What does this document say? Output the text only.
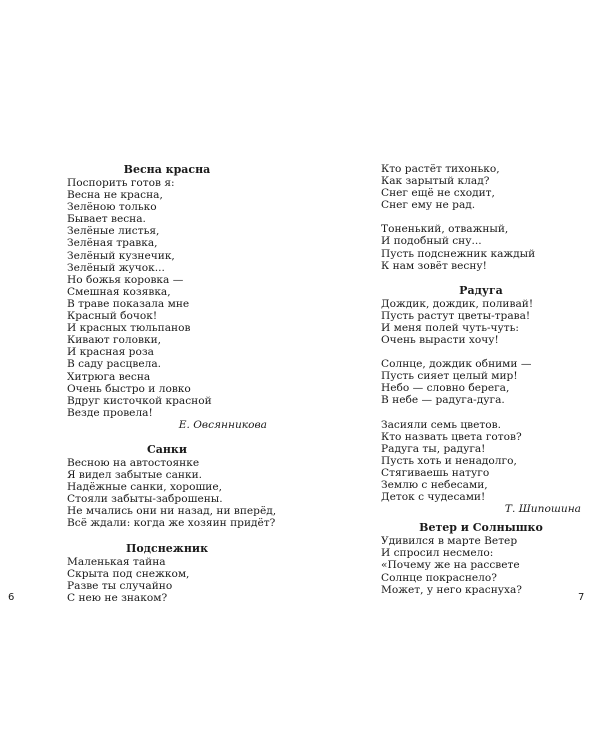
Весна красна
Поспорить готов я:
Весна не красна,
Зелёною только
Бывает весна.
Зелёные листья,
Зелёная травка,
Зелёный кузнечик,
Зелёный жучок...
Но божья коровка —
Смешная козявка,
В траве показала мне
Красный бочок!
И красных тюльпанов
Кивают головки,
И красная роза
В саду расцвела.
Хитрюга весна
Очень быстро и ловко
Вдруг кисточкой красной
Везде провела!
Е. Овсянникова
Санки
Весною на автостоянке
Я видел забытые санки.
Надёжные санки, хорошие,
Стояли забыты-заброшены.
Не мчались они ни назад, ни вперёд,
Всё ждали: когда же хозяин придёт?
Подснежник
Маленькая тайна
Скрыта под снежком,
Разве ты случайно
С нею не знаком?
Кто растёт тихонько,
Как зарытый клад?
Снег ещё не сходит,
Снег ему не рад.
Тоненький, отважный,
И подобный сну...
Пусть подснежник каждый
К нам зовёт весну!
Радуга
Дождик, дождик, поливай!
Пусть растут цветы-трава!
И меня полей чуть-чуть:
Очень вырасти хочу!
Солнце, дождик обними —
Пусть сияет целый мир!
Небо — словно берега,
В небе — радуга-дуга.
Засияли семь цветов.
Кто назвать цвета готов?
Радуга ты, радуга!
Пусть хоть и ненадолго,
Стягиваешь натуго
Землю с небесами,
Деток с чудесами!
Т. Шипошина
Ветер и Солнышко
Удивился в марте Ветер
И спросил несмело:
«Почему же на рассвете
Солнце покраснело?
Может, у него краснуха?
6	7
